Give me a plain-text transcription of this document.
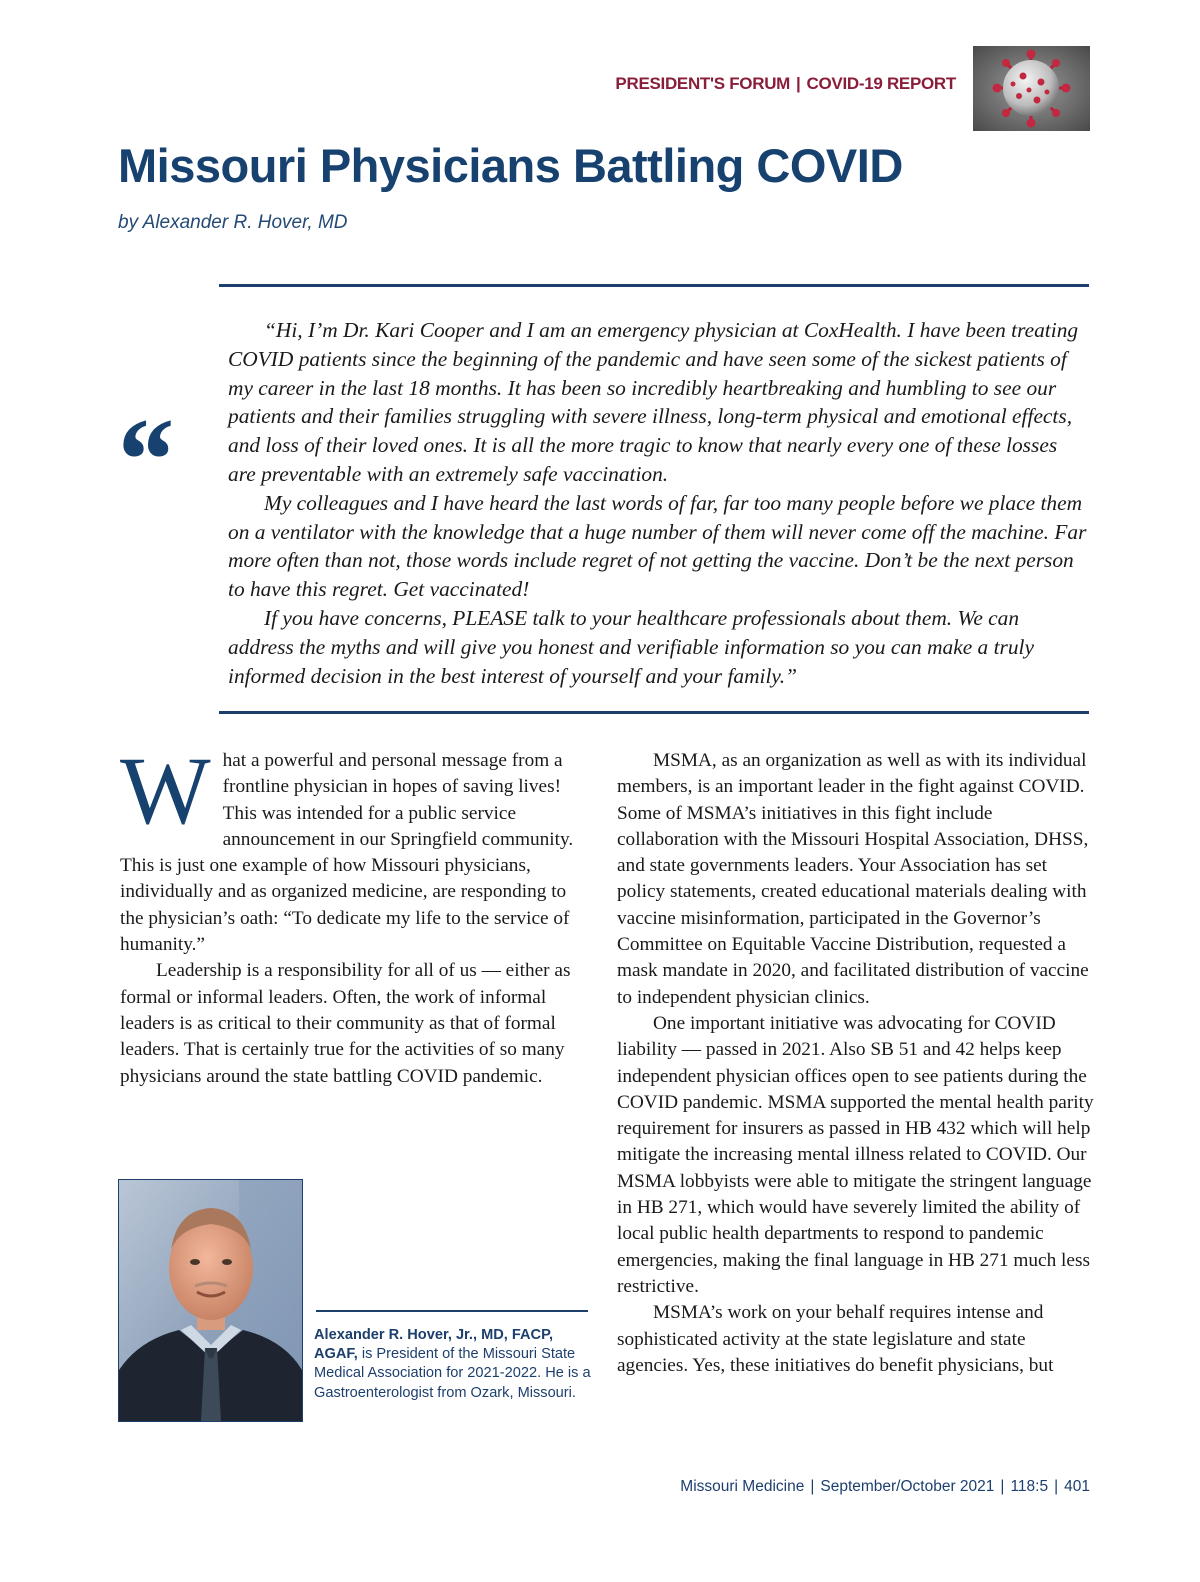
PRESIDENT'S FORUM | COVID-19 REPORT
Missouri Physicians Battling COVID
by Alexander R. Hover, MD
“

“Hi, I’m Dr. Kari Cooper and I am an emergency physician at CoxHealth. I have been treating COVID patients since the beginning of the pandemic and have seen some of the sickest patients of my career in the last 18 months. It has been so incredibly heartbreaking and humbling to see our patients and their families struggling with severe illness, long-term physical and emotional effects, and loss of their loved ones. It is all the more tragic to know that nearly every one of these losses are preventable with an extremely safe vaccination.

My colleagues and I have heard the last words of far, far too many people before we place them on a ventilator with the knowledge that a huge number of them will never come off the machine. Far more often than not, those words include regret of not getting the vaccine. Don’t be the next person to have this regret. Get vaccinated!

If you have concerns, PLEASE talk to your healthcare professionals about them. We can address the myths and will give you honest and verifiable information so you can make a truly informed decision in the best interest of yourself and your family.”

What a powerful and personal message from a frontline physician in hopes of saving lives! This was intended for a public service announcement in our Springfield community. This is just one example of how Missouri physicians, individually and as organized medicine, are responding to the physician’s oath: “To dedicate my life to the service of humanity.”

Leadership is a responsibility for all of us — either as formal or informal leaders. Often, the work of informal leaders is as critical to their community as that of formal leaders. That is certainly true for the activities of so many physicians around the state battling COVID pandemic.

MSMA, as an organization as well as with its individual members, is an important leader in the fight against COVID. Some of MSMA’s initiatives in this fight include collaboration with the Missouri Hospital Association, DHSS, and state governments leaders. Your Association has set policy statements, created educational materials dealing with vaccine misinformation, participated in the Governor’s Committee on Equitable Vaccine Distribution, requested a mask mandate in 2020, and facilitated distribution of vaccine to independent physician clinics.

One important initiative was advocating for COVID liability — passed in 2021. Also SB 51 and 42 helps keep independent physician offices open to see patients during the COVID pandemic. MSMA supported the mental health parity requirement for insurers as passed in HB 432 which will help mitigate the increasing mental illness related to COVID. Our MSMA lobbyists were able to mitigate the stringent language in HB 271, which would have severely limited the ability of local public health departments to respond to pandemic emergencies, making the final language in HB 271 much less restrictive.

MSMA’s work on your behalf requires intense and sophisticated activity at the state legislature and state agencies. Yes, these initiatives do benefit physicians, but

Alexander R. Hover, Jr., MD, FACP, AGAF, is President of the Missouri State Medical Association for 2021-2022. He is a Gastroenterologist from Ozark, Missouri.
Missouri Medicine | September/October 2021 | 118:5 | 401
